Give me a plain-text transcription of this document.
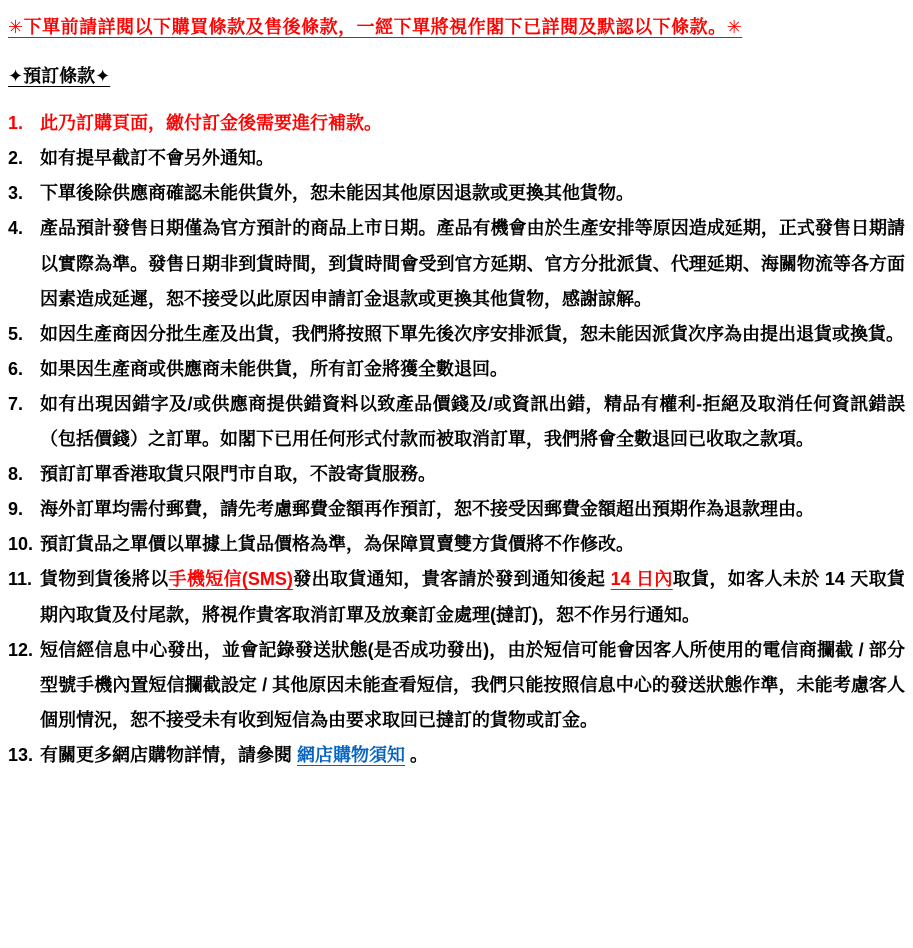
✳下單前請詳閱以下購買條款及售後條款，一經下單將視作閣下已詳閱及默認以下條款。✳

✦預訂條款✦

1. 此乃訂購頁面，繳付訂金後需要進行補款。
2. 如有提早截訂不會另外通知。
3. 下單後除供應商確認未能供貨外，恕未能因其他原因退款或更換其他貨物。
4. 產品預計發售日期僅為官方預計的商品上市日期。產品有機會由於生產安排等原因造成延期，正式發售日期請以實際為準。發售日期非到貨時間，到貨時間會受到官方延期、官方分批派貨、代理延期、海關物流等各方面因素造成延遲，恕不接受以此原因申請訂金退款或更換其他貨物，感謝諒解。
5. 如因生產商因分批生產及出貨，我們將按照下單先後次序安排派貨，恕未能因派貨次序為由提出退貨或換貨。
6. 如果因生產商或供應商未能供貨，所有訂金將獲全數退回。
7. 如有出現因錯字及/或供應商提供錯資料以致產品價錢及/或資訊出錯，精品有權利-拒絕及取消任何資訊錯誤（包括價錢）之訂單。如閣下已用任何形式付款而被取消訂單，我們將會全數退回已收取之款項。
8. 預訂訂單香港取貨只限門市自取，不設寄貨服務。
9. 海外訂單均需付郵費，請先考慮郵費金額再作預訂，恕不接受因郵費金額超出預期作為退款理由。
10. 預訂貨品之單價以單據上貨品價格為準，為保障買賣雙方貨價將不作修改。
11. 貨物到貨後將以手機短信(SMS)發出取貨通知，貴客請於發到通知後起 14 日內取貨，如客人未於 14 天取貨期內取貨及付尾款，將視作貴客取消訂單及放棄訂金處理(撻訂)，恕不作另行通知。
12. 短信經信息中心發出，並會記錄發送狀態(是否成功發出)，由於短信可能會因客人所使用的電信商攔截 / 部分型號手機內置短信攔截設定 / 其他原因未能查看短信，我們只能按照信息中心的發送狀態作準，未能考慮客人個別情況，恕不接受未有收到短信為由要求取回已撻訂的貨物或訂金。
13. 有關更多網店購物詳情，請參閱 網店購物須知 。
